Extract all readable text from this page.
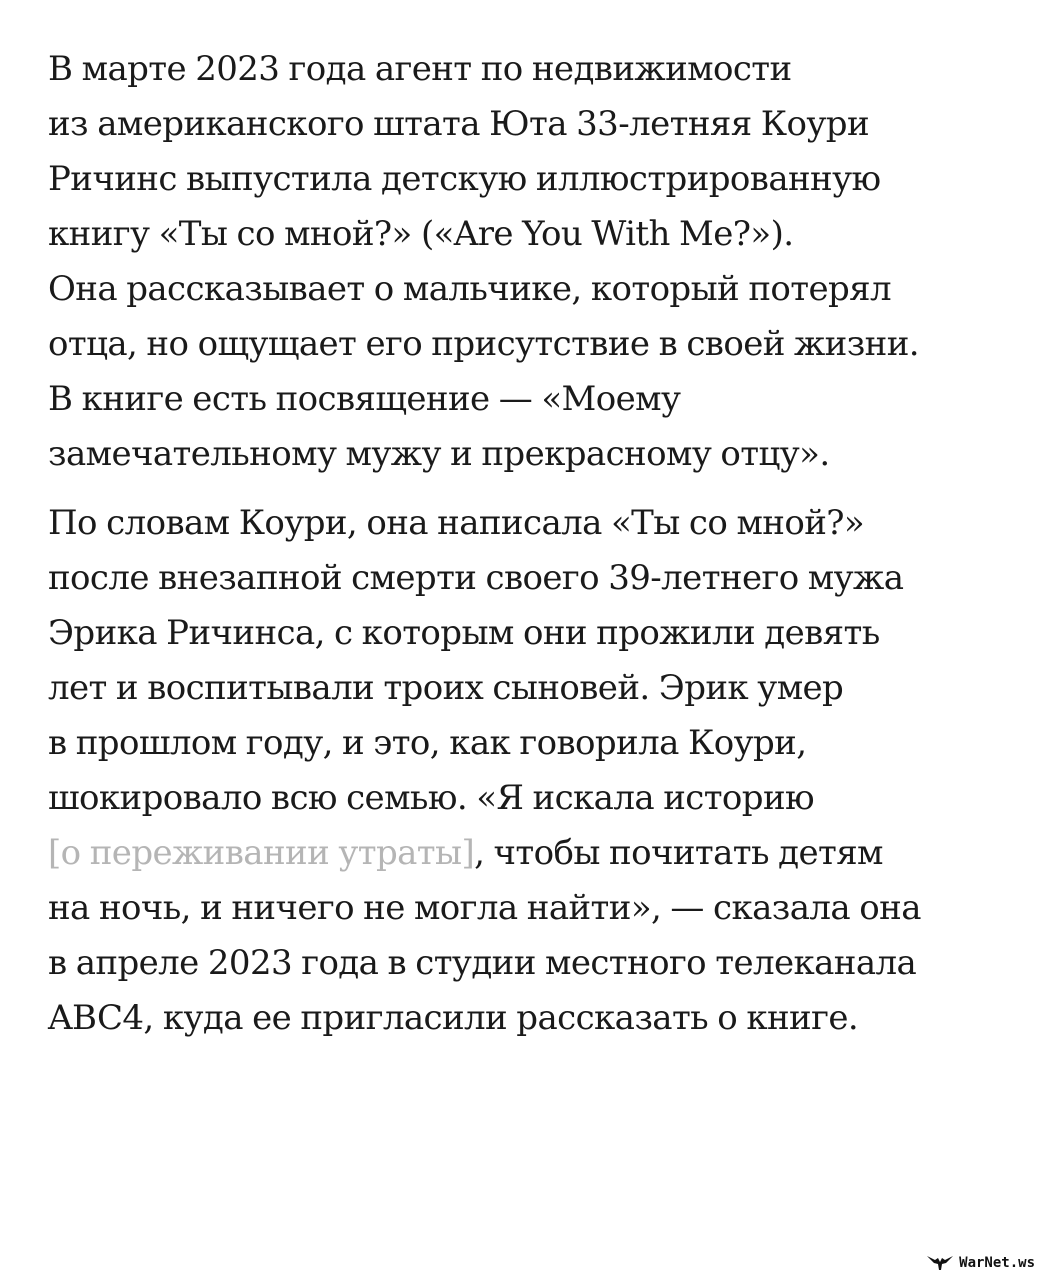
В марте 2023 года агент по недвижимости
из американского штата Юта 33-летняя Коури
Ричинс выпустила детскую иллюстрированную
книгу «Ты со мной?» («Are You With Me?»).
Она рассказывает о мальчике, который потерял
отца, но ощущает его присутствие в своей жизни.
В книге есть посвящение — «Моему
замечательному мужу и прекрасному отцу».

По словам Коури, она написала «Ты со мной?»
после внезапной смерти своего 39-летнего мужа
Эрика Ричинса, с которым они прожили девять
лет и воспитывали троих сыновей. Эрик умер
в прошлом году, и это, как говорила Коури,
шокировало всю семью. «Я искала историю
[о переживании утраты], чтобы почитать детям
на ночь, и ничего не могла найти», — сказала она
в апреле 2023 года в студии местного телеканала
ABC4, куда ее пригласили рассказать о книге.

WarNet.ws
